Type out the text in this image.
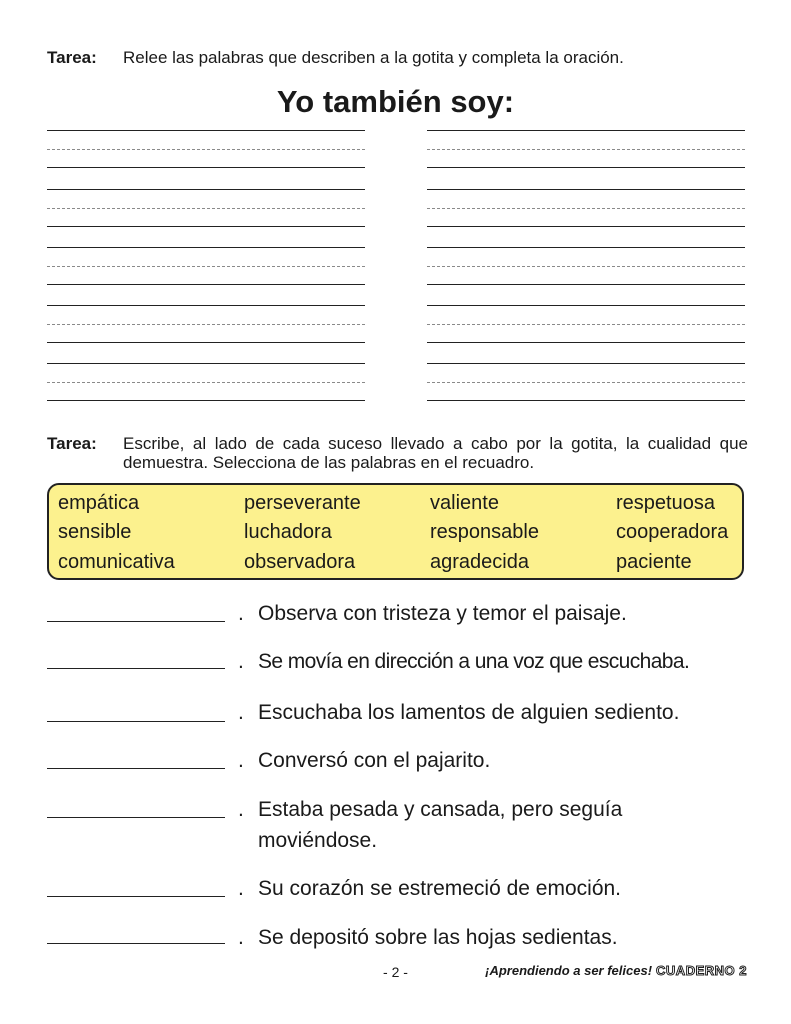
Tarea: Relee las palabras que describen a la gotita y completa la oración.
Yo también soy:
Tarea:	Escribe, al lado de cada suceso llevado a cabo por la gotita, la cualidad que demuestra. Selecciona de las palabras en el recuadro.
empática	perseverante	valiente	respetuosa
sensible	luchadora	responsable	cooperadora
comunicativa	observadora	agradecida	paciente
. Observa con tristeza y temor el paisaje.
. Se movía en dirección a una voz que escuchaba.
. Escuchaba los lamentos de alguien sediento.
. Conversó con el pajarito.
. Estaba pesada y cansada, pero seguía moviéndose.
. Su corazón se estremeció de emoción.
. Se depositó sobre las hojas sedientas.
- 2 -	¡Aprendiendo a ser felices! CUADERNO 2
